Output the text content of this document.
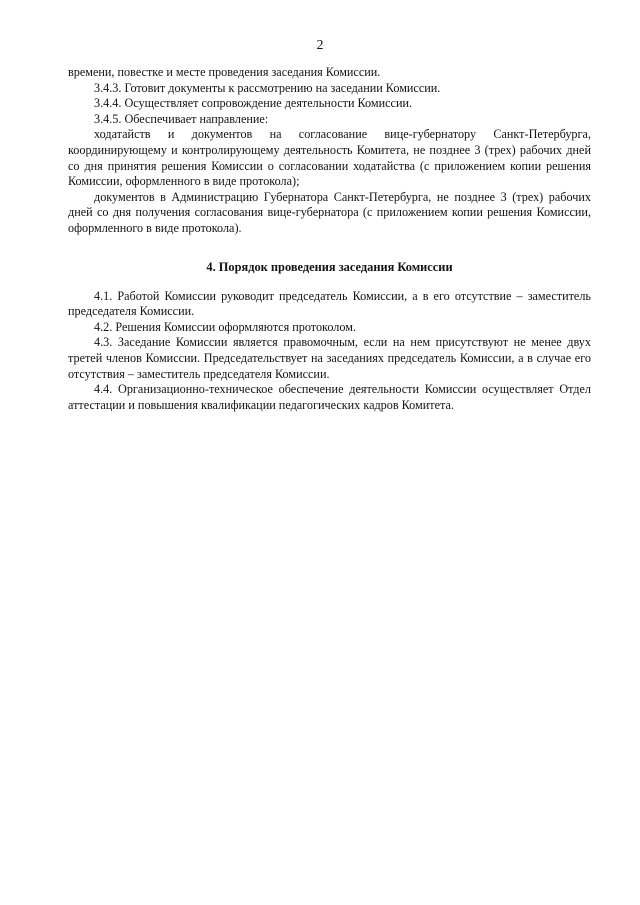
2

времени, повестке и месте проведения заседания Комиссии.

3.4.3. Готовит документы к рассмотрению на заседании Комиссии.

3.4.4. Осуществляет сопровождение деятельности Комиссии.

3.4.5. Обеспечивает направление:

ходатайств и документов на согласование вице-губернатору Санкт-Петербурга, координирующему и контролирующему деятельность Комитета, не позднее 3 (трех) рабочих дней со дня принятия решения Комиссии о согласовании ходатайства (с приложением копии решения Комиссии, оформленного в виде протокола);

документов в Администрацию Губернатора Санкт-Петербурга, не позднее 3 (трех) рабочих дней со дня получения согласования вице-губернатора (с приложением копии решения Комиссии, оформленного в виде протокола).

4. Порядок проведения заседания Комиссии

4.1. Работой Комиссии руководит председатель Комиссии, а в его отсутствие – заместитель председателя Комиссии.

4.2. Решения Комиссии оформляются протоколом.

4.3. Заседание Комиссии является правомочным, если на нем присутствуют не менее двух третей членов Комиссии. Председательствует на заседаниях председатель Комиссии, а в случае его отсутствия – заместитель председателя Комиссии.

4.4. Организационно-техническое обеспечение деятельности Комиссии осуществляет Отдел аттестации и повышения квалификации педагогических кадров Комитета.
